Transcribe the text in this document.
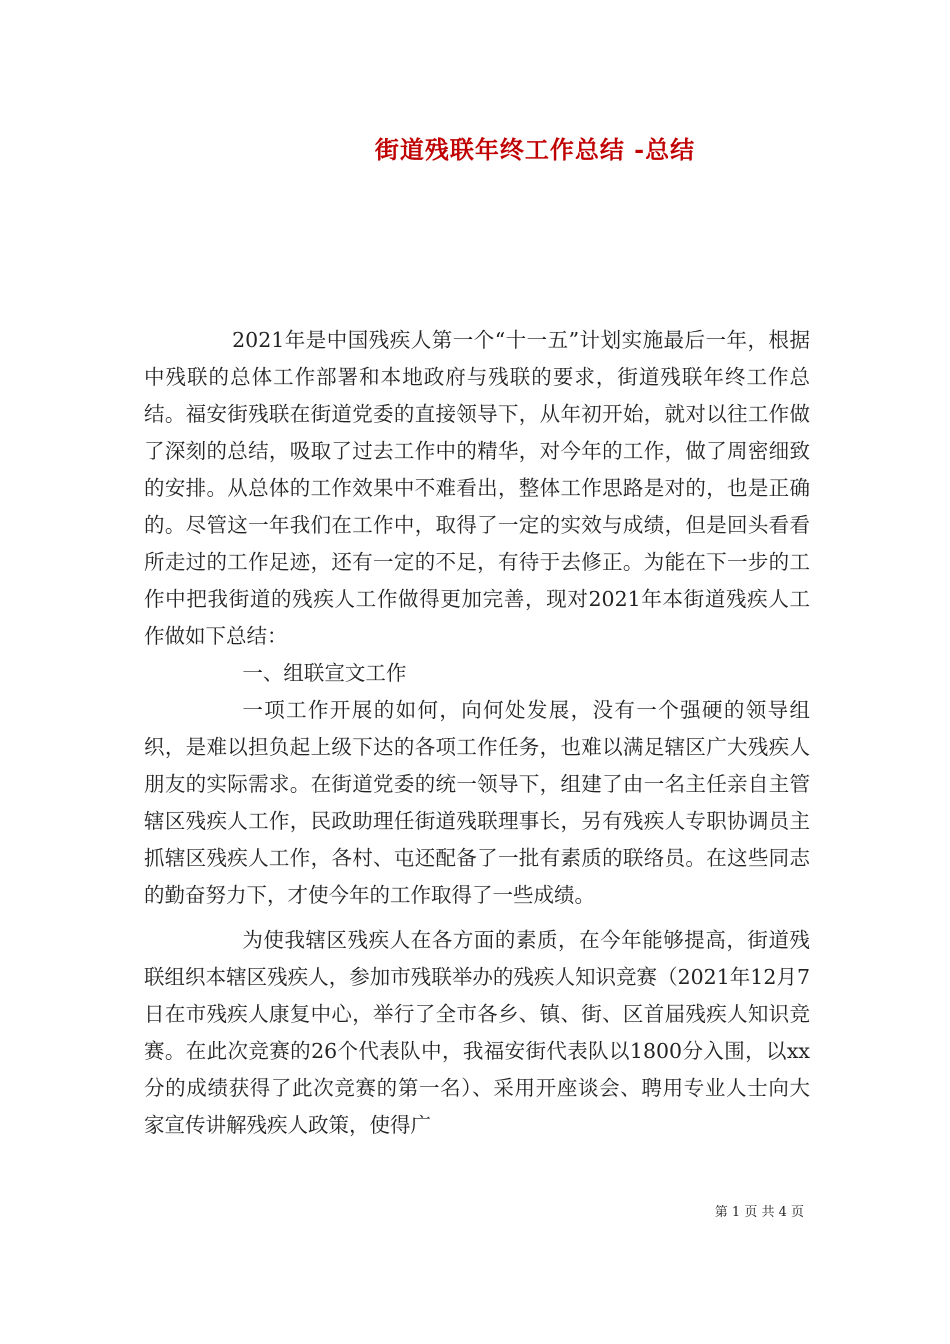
街道残联年终工作总结 -总结

2021年是中国残疾人第一个“十一五”计划实施最后一年，根据中残联的总体工作部署和本地政府与残联的要求，街道残联年终工作总结。福安街残联在街道党委的直接领导下，从年初开始，就对以往工作做了深刻的总结，吸取了过去工作中的精华，对今年的工作，做了周密细致的安排。从总体的工作效果中不难看出，整体工作思路是对的，也是正确的。尽管这一年我们在工作中，取得了一定的实效与成绩，但是回头看看所走过的工作足迹，还有一定的不足，有待于去修正。为能在下一步的工作中把我街道的残疾人工作做得更加完善，现对2021年本街道残疾人工作做如下总结：

一、组联宣文工作

一项工作开展的如何，向何处发展，没有一个强硬的领导组织，是难以担负起上级下达的各项工作任务，也难以满足辖区广大残疾人朋友的实际需求。在街道党委的统一领导下，组建了由一名主任亲自主管辖区残疾人工作，民政助理任街道残联理事长，另有残疾人专职协调员主抓辖区残疾人工作，各村、屯还配备了一批有素质的联络员。在这些同志的勤奋努力下，才使今年的工作取得了一些成绩。

为使我辖区残疾人在各方面的素质，在今年能够提高，街道残联组织本辖区残疾人，参加市残联举办的残疾人知识竞赛（2021年12月7日在市残疾人康复中心，举行了全市各乡、镇、街、区首届残疾人知识竞赛。在此次竞赛的26个代表队中，我福安街代表队以1800分入围，以xx分的成绩获得了此次竞赛的第一名）、采用开座谈会、聘用专业人士向大家宣传讲解残疾人政策，使得广

第 1 页 共 4 页
